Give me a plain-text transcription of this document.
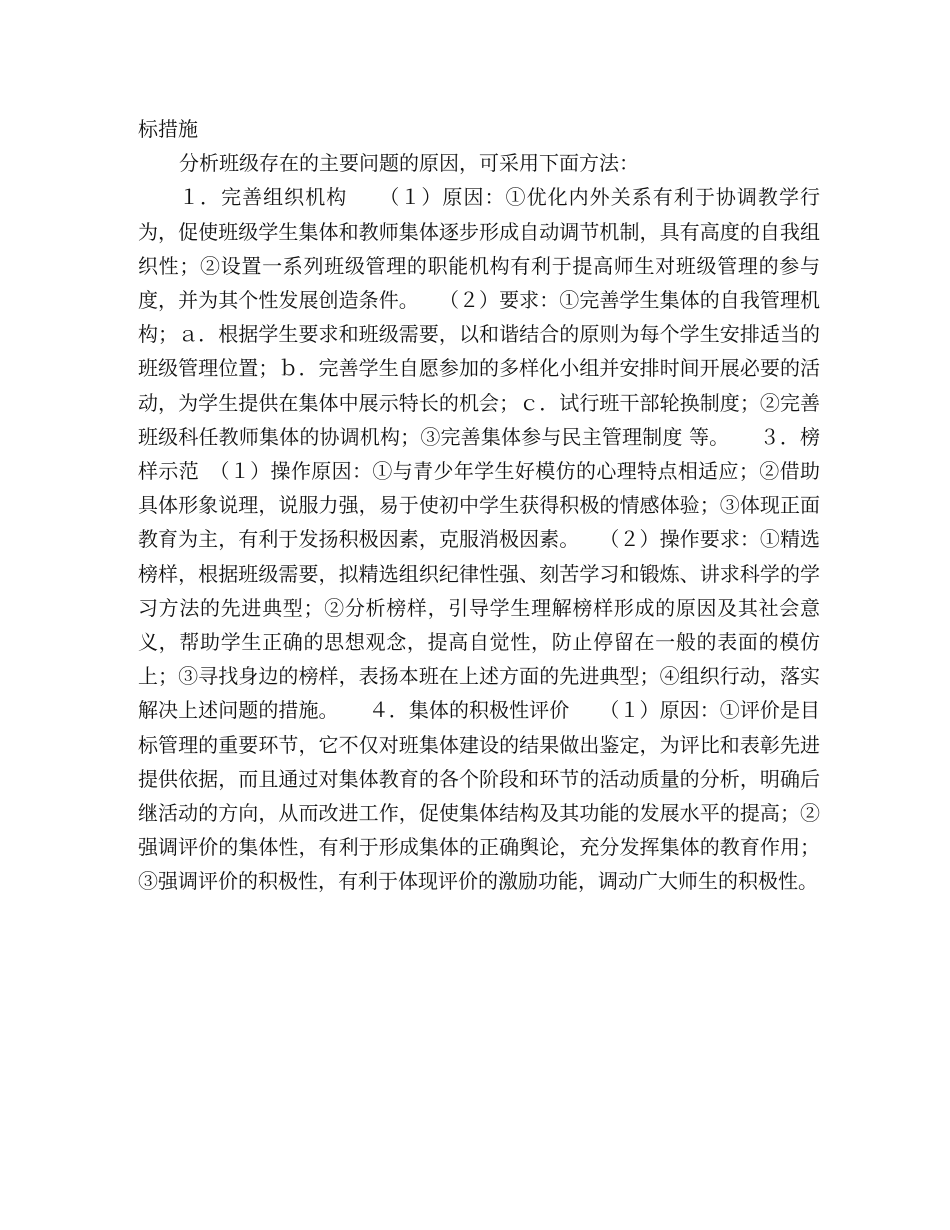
标措施

分析班级存在的主要问题的原因，可采用下面方法：

１．完善组织机构　　（１）原因：①优化内外关系有利于协调教学行为，促使班级学生集体和教师集体逐步形成自动调节机制，具有高度的自我组织性；②设置一系列班级管理的职能机构有利于提高师生对班级管理的参与度，并为其个性发展创造条件。　　（２）要求：①完善学生集体的自我管理机构；ａ．根据学生要求和班级需要，以和谐结合的原则为每个学生安排适当的班级管理位置；ｂ．完善学生自愿参加的多样化小组并安排时间开展必要的活动，为学生提供在集体中展示特长的机会；ｃ．试行班干部轮换制度；②完善班级科任教师集体的协调机构；③完善集体参与民主管理制度 等。　　３．榜样示范　（１）操作原因：①与青少年学生好模仿的心理特点相适应；②借助具体形象说理，说服力强，易于使初中学生获得积极的情感体验；③体现正面教育为主，有利于发扬积极因素，克服消极因素。　　（２）操作要求：①精选榜样，根据班级需要，拟精选组织纪律性强、刻苦学习和锻炼、讲求科学的学习方法的先进典型；②分析榜样，引导学生理解榜样形成的原因及其社会意义，帮助学生正确的思想观念，提高自觉性，防止停留在一般的表面的模仿上；③寻找身边的榜样，表扬本班在上述方面的先进典型；④组织行动，落实解决上述问题的措施。　　４．集体的积极性评价　　（１）原因：①评价是目标管理的重要环节，它不仅对班集体建设的结果做出鉴定，为评比和表彰先进提供依据，而且通过对集体教育的各个阶段和环节的活动质量的分析，明确后继活动的方向，从而改进工作，促使集体结构及其功能的发展水平的提高；②强调评价的集体性，有利于形成集体的正确舆论，充分发挥集体的教育作用；③强调评价的积极性，有利于体现评价的激励功能，调动广大师生的积极性。
